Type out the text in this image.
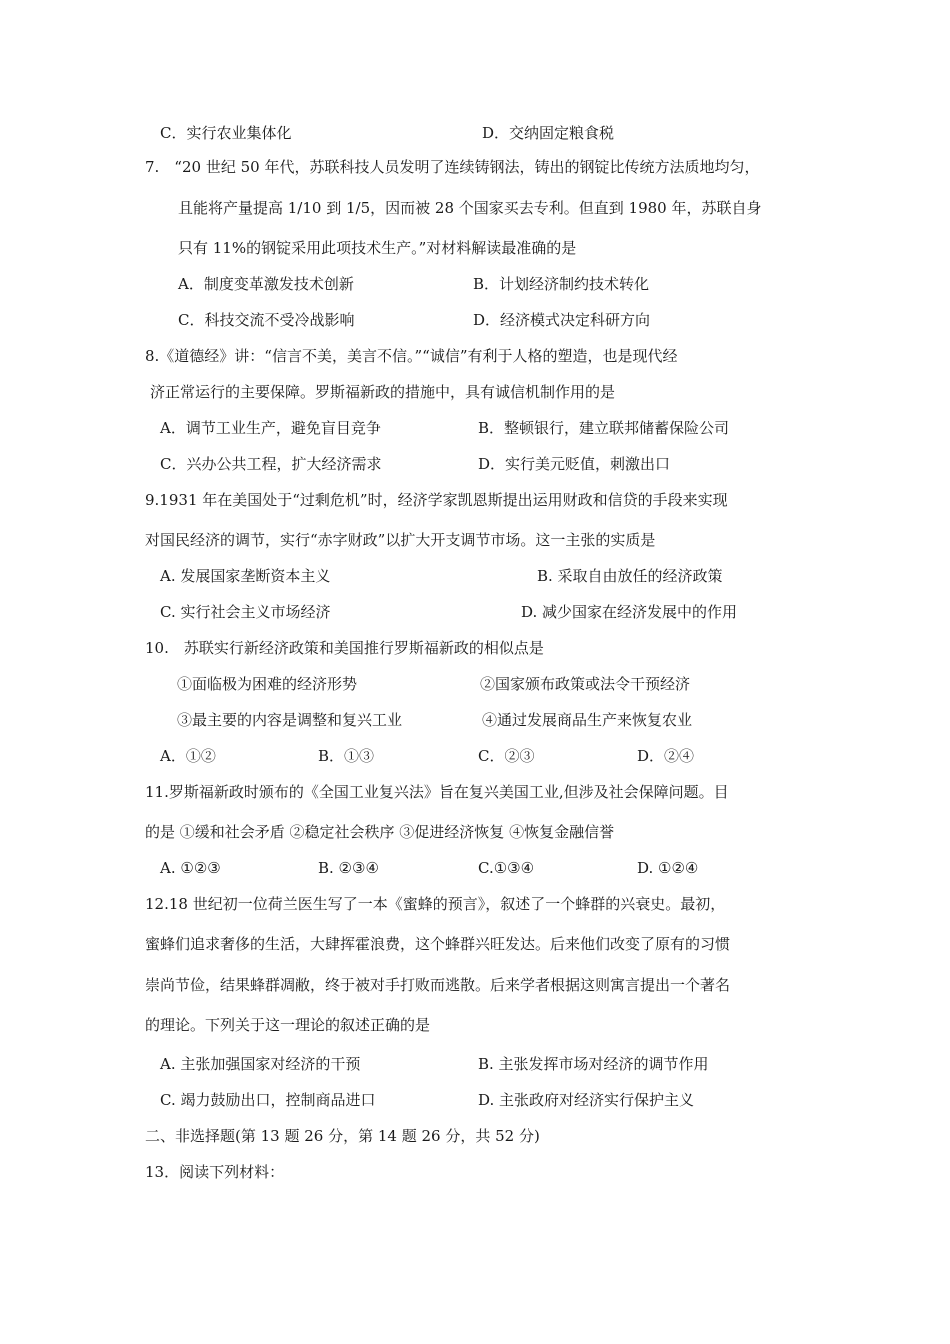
C．实行农业集体化	D．交纳固定粮食税
7.　“20 世纪 50 年代，苏联科技人员发明了连续铸钢法，铸出的钢锭比传统方法质地均匀，
且能将产量提高 1/10 到 1/5，因而被 28 个国家买去专利。但直到 1980 年，苏联自身
只有 11%的钢锭采用此项技术生产。”对材料解读最准确的是
A．制度变革激发技术创新	B．计划经济制约技术转化
C．科技交流不受冷战影响	D．经济模式决定科研方向
8.《道德经》讲：“信言不美，美言不信。”“诚信”有利于人格的塑造，也是现代经
济正常运行的主要保障。罗斯福新政的措施中，具有诚信机制作用的是
A．调节工业生产，避免盲目竞争	B．整顿银行，建立联邦储蓄保险公司
C．兴办公共工程，扩大经济需求	D．实行美元贬值，刺激出口
9.1931 年在美国处于“过剩危机”时，经济学家凯恩斯提出运用财政和信贷的手段来实现
对国民经济的调节，实行“赤字财政”以扩大开支调节市场。这一主张的实质是
A. 发展国家垄断资本主义	B. 采取自由放任的经济政策
C. 实行社会主义市场经济	D. 减少国家在经济发展中的作用
10.　苏联实行新经济政策和美国推行罗斯福新政的相似点是
①面临极为困难的经济形势	②国家颁布政策或法令干预经济
③最主要的内容是调整和复兴工业	④通过发展商品生产来恢复农业
A．①②	B．①③	C．②③	D．②④
11.罗斯福新政时颁布的《全国工业复兴法》旨在复兴美国工业,但涉及社会保障问题。目
的是 ①缓和社会矛盾 ②稳定社会秩序 ③促进经济恢复 ④恢复金融信誉
A. ①②③	B. ②③④	C.①③④	D. ①②④
12.18 世纪初一位荷兰医生写了一本《蜜蜂的预言》，叙述了一个蜂群的兴衰史。最初，
蜜蜂们追求奢侈的生活，大肆挥霍浪费，这个蜂群兴旺发达。后来他们改变了原有的习惯
崇尚节俭，结果蜂群凋敝，终于被对手打败而逃散。后来学者根据这则寓言提出一个著名
的理论。下列关于这一理论的叙述正确的是
A. 主张加强国家对经济的干预	B. 主张发挥市场对经济的调节作用
C. 竭力鼓励出口，控制商品进口	D. 主张政府对经济实行保护主义
二、非选择题(第 13 题 26 分，第 14 题 26 分，共 52 分)
13．阅读下列材料：
